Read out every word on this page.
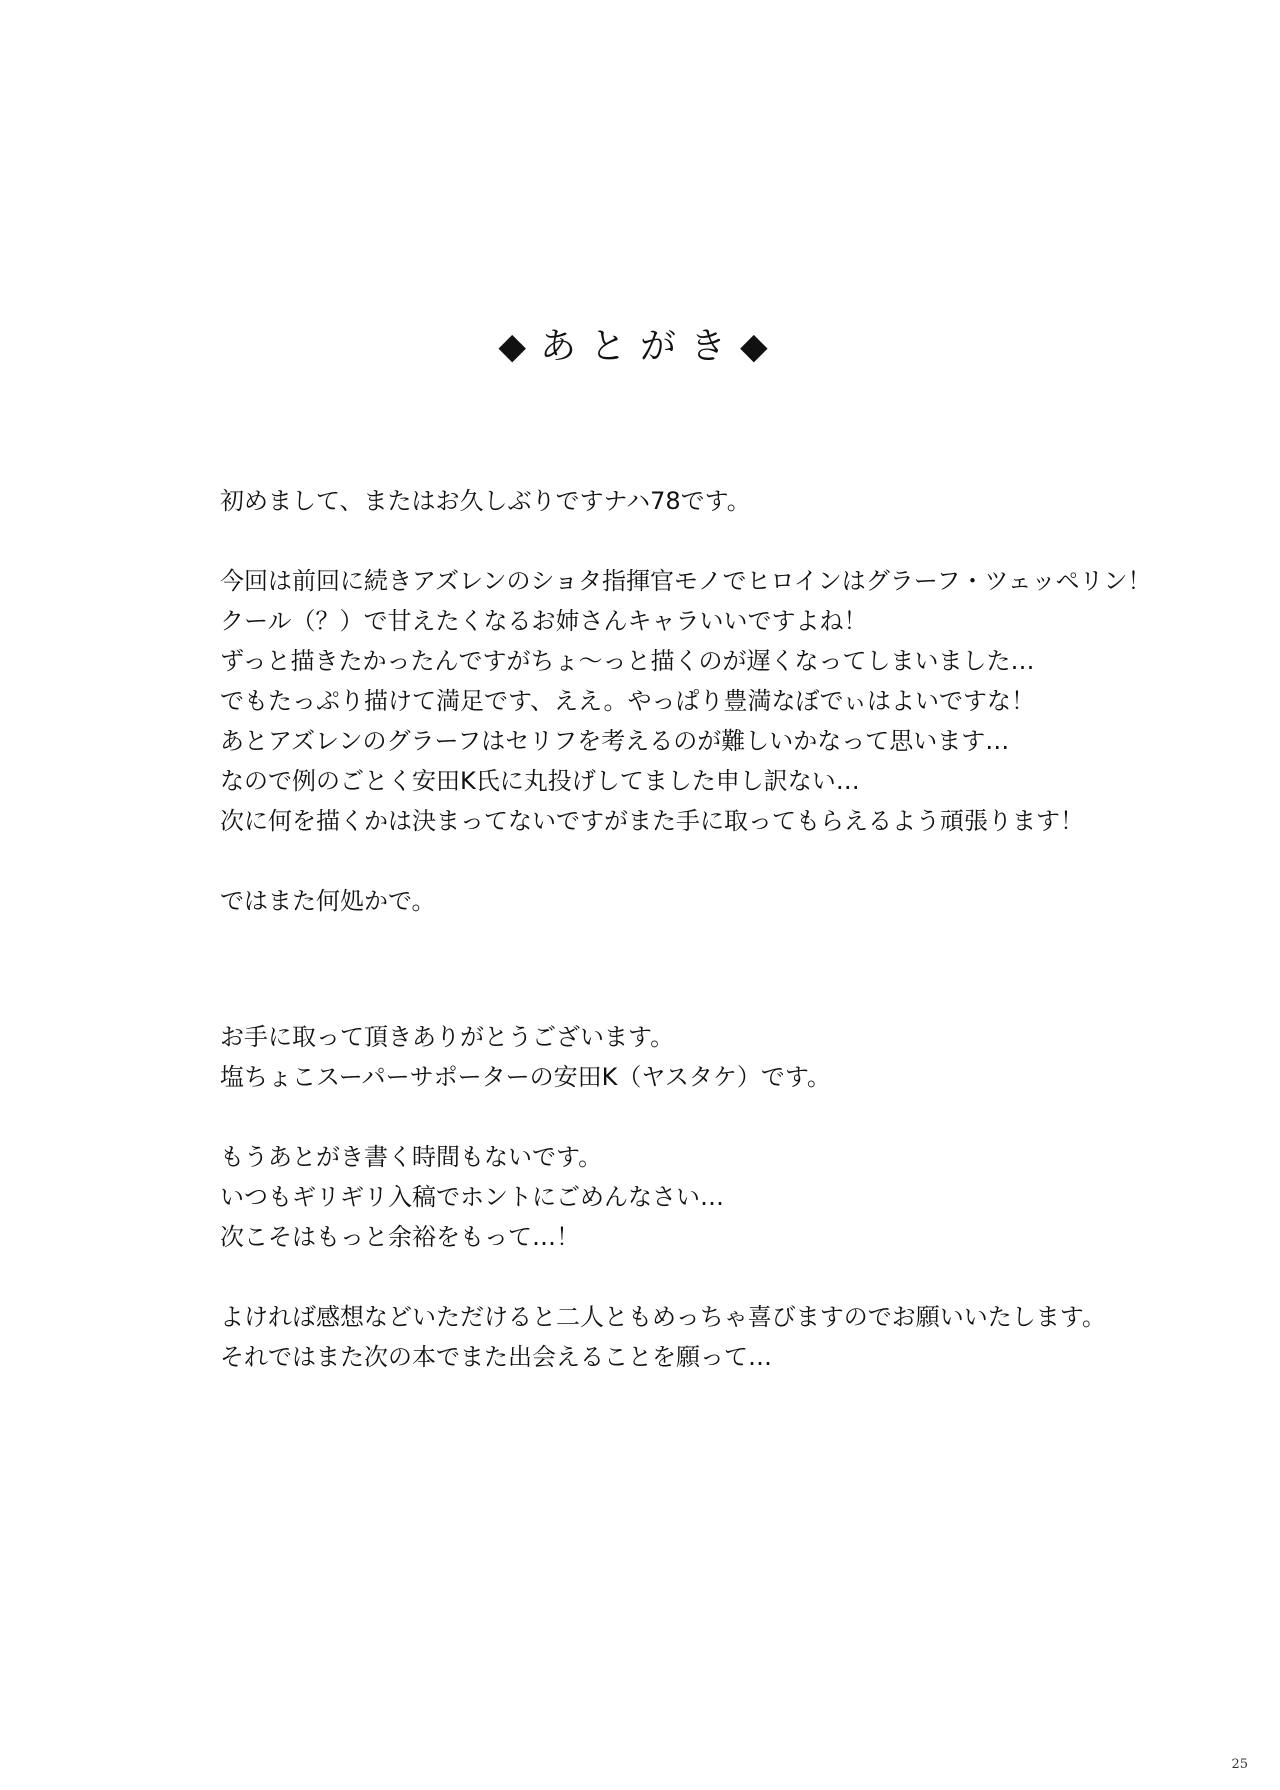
◆あとがき◆
初めまして、またはお久しぶりですナハ78です。
今回は前回に続きアズレンのショタ指揮官モノでヒロインはグラーフ・ツェッペリン！
クール（？）で甘えたくなるお姉さんキャラいいですよね！
ずっと描きたかったんですがちょ～っと描くのが遅くなってしまいました…
でもたっぷり描けて満足です、ええ。やっぱり豊満なぼでぃはよいですな！
あとアズレンのグラーフはセリフを考えるのが難しいかなって思います…
なので例のごとく安田K氏に丸投げしてました申し訳ない…
次に何を描くかは決まってないですがまた手に取ってもらえるよう頑張ります！
ではまた何処かで。
お手に取って頂きありがとうございます。
塩ちょこスーパーサポーターの安田K（ヤスタケ）です。
もうあとがき書く時間もないです。
いつもギリギリ入稿でホントにごめんなさい…
次こそはもっと余裕をもって…！
よければ感想などいただけると二人ともめっちゃ喜びますのでお願いいたします。
それではまた次の本でまた出会えることを願って…
25
